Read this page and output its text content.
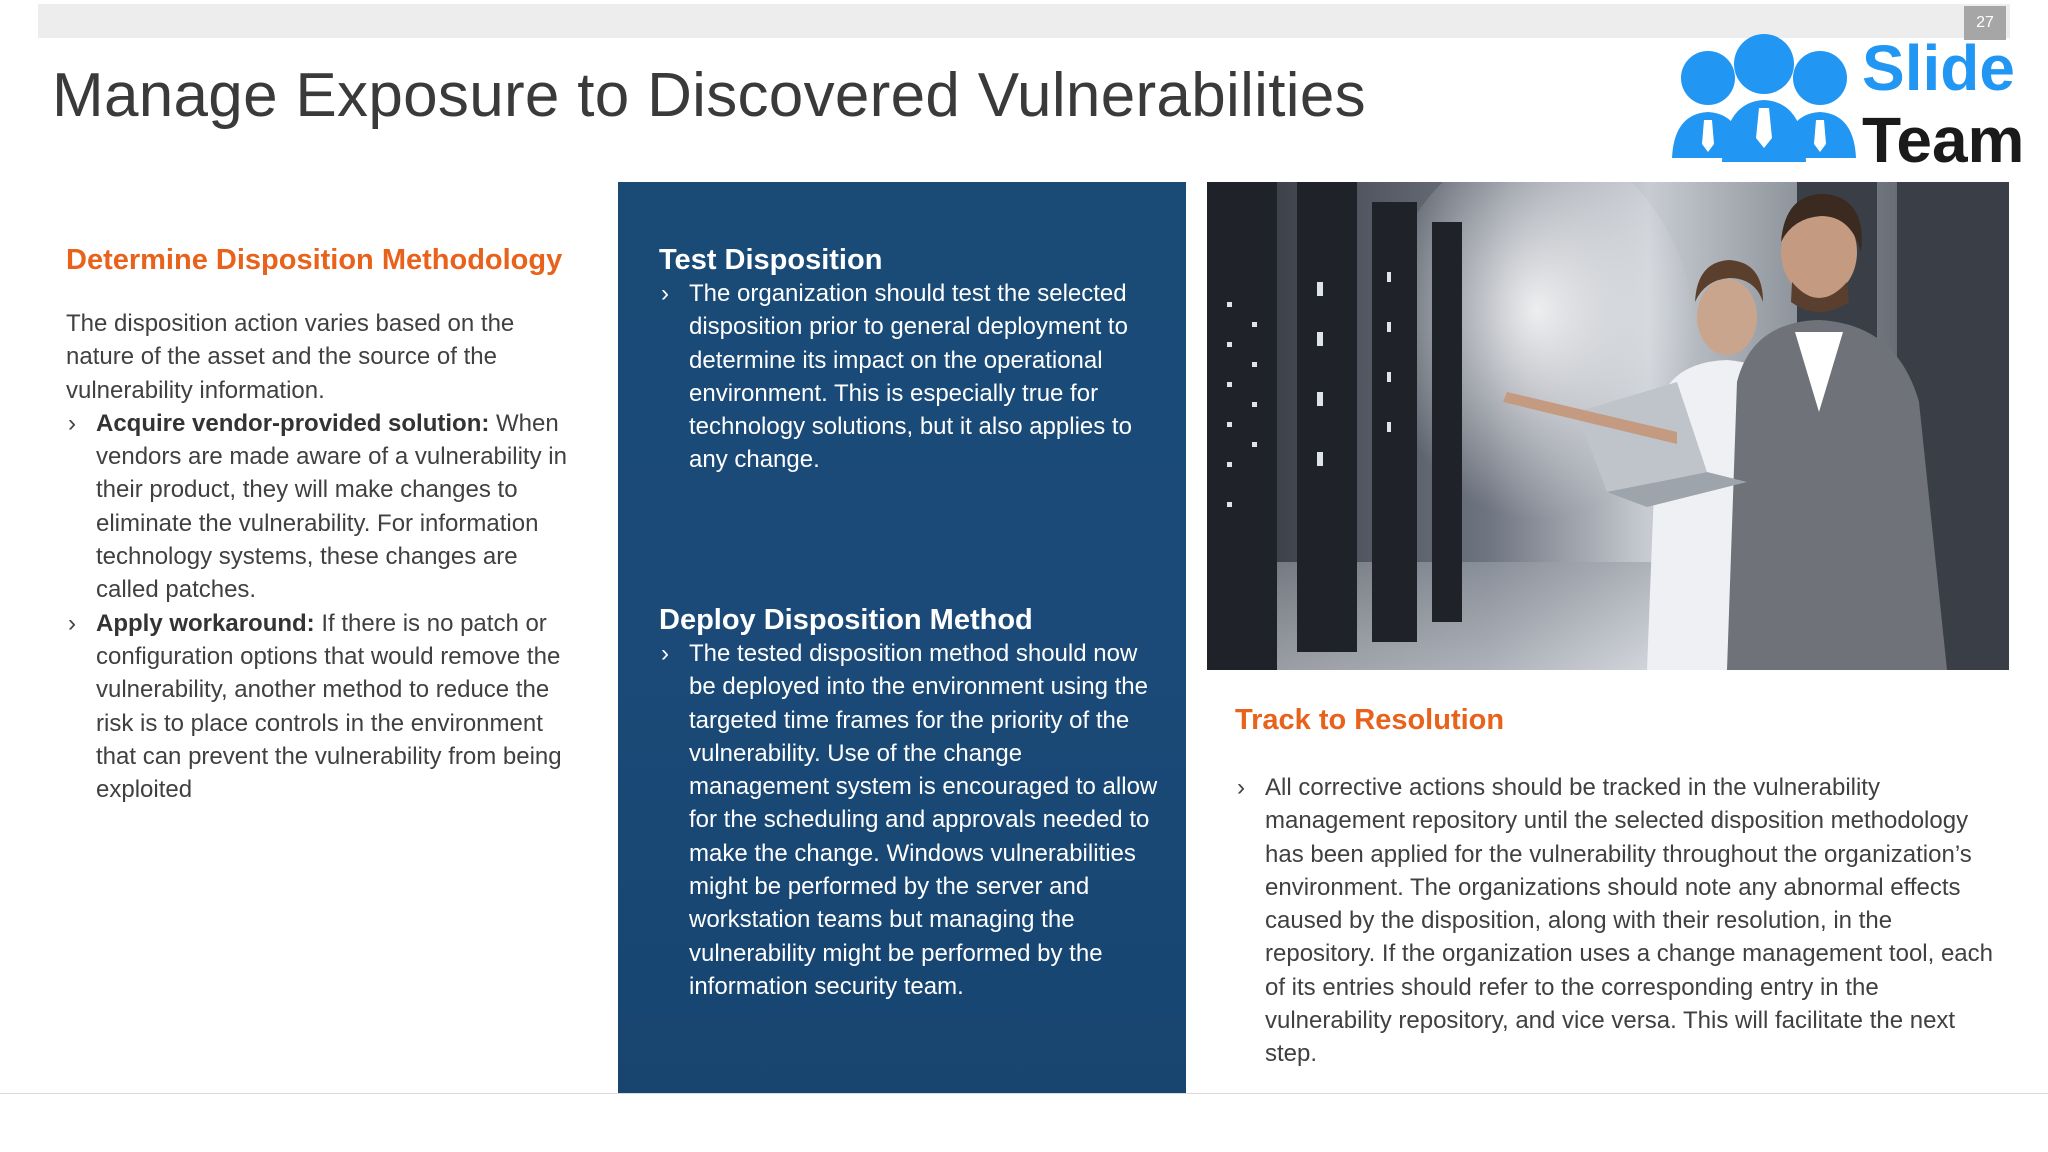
27
Manage Exposure to Discovered Vulnerabilities	Slide
Team
Determine Disposition Methodology

The disposition action varies based on the nature of the asset and the source of the vulnerability information.

› Acquire vendor-provided solution: When vendors are made aware of a vulnerability in their product, they will make changes to eliminate the vulnerability. For information technology systems, these changes are called patches.
› Apply workaround: If there is no patch or configuration options that would remove the vulnerability, another method to reduce the risk is to place controls in the environment that can prevent the vulnerability from being exploited
Test Disposition
› The organization should test the selected disposition prior to general deployment to determine its impact on the operational environment. This is especially true for technology solutions, but it also applies to any change.
Deploy Disposition Method
› The tested disposition method should now be deployed into the environment using the targeted time frames for the priority of the vulnerability. Use of the change management system is encouraged to allow for the scheduling and approvals needed to make the change. Windows vulnerabilities might be performed by the server and workstation teams but managing the vulnerability might be performed by the information security team.
Track to Resolution
› All corrective actions should be tracked in the vulnerability management repository until the selected disposition methodology has been applied for the vulnerability throughout the organization’s environment. The organizations should note any abnormal effects caused by the disposition, along with their resolution, in the repository. If the organization uses a change management tool, each of its entries should refer to the corresponding entry in the vulnerability repository, and vice versa. This will facilitate the next step.
